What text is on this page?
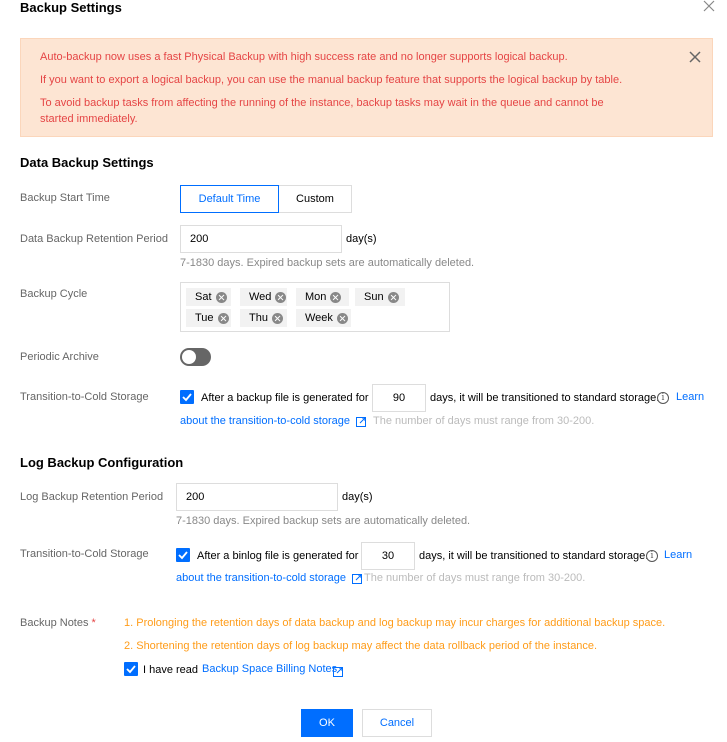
Backup Settings
Auto-backup now uses a fast Physical Backup with high success rate and no longer supports logical backup.
If you want to export a logical backup, you can use the manual backup feature that supports the logical backup by table.
To avoid backup tasks from affecting the running of the instance, backup tasks may wait in the queue and cannot be started immediately.
Data Backup Settings
Backup Start Time	Default Time	Custom
Data Backup Retention Period	200	day(s)
7-1830 days. Expired backup sets are automatically deleted.
Backup Cycle	Sat	Wed	Mon	Sun
Tue	Thu	Week
Periodic Archive
Transition-to-Cold Storage	After a backup file is generated for	90	days, it will be transitioned to standard storage. i	Learn
about the transition-to-cold storage The number of days must range from 30-200.
Log Backup Configuration
Log Backup Retention Period	200	day(s)
7-1830 days. Expired backup sets are automatically deleted.
Transition-to-Cold Storage	After a binlog file is generated for	30	days, it will be transitioned to standard storage. i Learn
about the transition-to-cold storage The number of days must range from 30-200.
Backup Notes *	1. Prolonging the retention days of data backup and log backup may incur charges for additional backup space.
2. Shortening the retention days of log backup may affect the data rollback period of the instance.
I have read Backup Space Billing Notes
OK	Cancel
